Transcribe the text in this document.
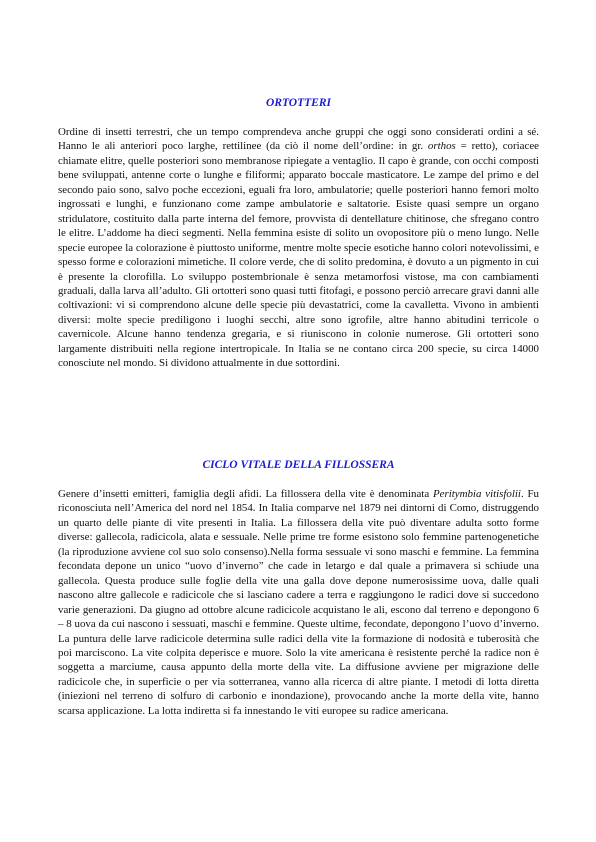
ORTOTTERI

Ordine di insetti terrestri, che un tempo comprendeva anche gruppi che oggi sono considerati ordini a sé. Hanno le ali anteriori poco larghe, rettilinee (da ciò il nome dell’ordine: in gr. orthos = retto), coriacee chiamate elitre, quelle posteriori sono membranose ripiegate a ventaglio. Il capo è grande, con occhi composti bene sviluppati, antenne corte o lunghe e filiformi; apparato boccale masticatore. Le zampe del primo e del secondo paio sono, salvo poche eccezioni, eguali fra loro, ambulatorie; quelle posteriori hanno femori molto ingrossati e lunghi, e funzionano come zampe ambulatorie e saltatorie. Esiste quasi sempre un organo stridulatore, costituito dalla parte interna del femore, provvista di dentellature chitinose, che sfregano contro le elitre. L’addome ha dieci segmenti. Nella femmina esiste di solito un ovopositore più o meno lungo. Nelle specie europee la colorazione è piuttosto uniforme, mentre molte specie esotiche hanno colori notevolissimi, e spesso forme e colorazioni mimetiche. Il colore verde, che di solito predomina, è dovuto a un pigmento in cui è presente la clorofilla. Lo sviluppo postembrionale è senza metamorfosi vistose, ma con cambiamenti graduali, dalla larva all’adulto. Gli ortotteri sono quasi tutti fitofagi, e possono perciò arrecare gravi danni alle coltivazioni: vi si comprendono alcune delle specie più devastatrici, come la cavalletta. Vivono in ambienti diversi: molte specie prediligono i luoghi secchi, altre sono igrofile, altre hanno abitudini terricole o cavernicole. Alcune hanno tendenza gregaria, e si riuniscono in colonie numerose. Gli ortotteri sono largamente distribuiti nella regione intertropicale. In Italia se ne contano circa 200 specie, su circa 14000 conosciute nel mondo. Si dividono attualmente in due sottordini.

CICLO VITALE DELLA FILLOSSERA

Genere d’insetti emitteri, famiglia degli afidi. La fillossera della vite è denominata Peritymbia vitisfolii. Fu riconosciuta nell’America del nord nel 1854. In Italia comparve nel 1879 nei dintorni di Como, distruggendo un quarto delle piante di vite presenti in Italia. La fillossera della vite può diventare adulta sotto forme diverse: gallecola, radicicola, alata e sessuale. Nelle prime tre forme esistono solo femmine partenogenetiche (la riproduzione avviene col suo solo consenso).Nella forma sessuale vi sono maschi e femmine. La femmina fecondata depone un unico “uovo d’inverno” che cade in letargo e dal quale a primavera si schiude una gallecola. Questa produce sulle foglie della vite una galla dove depone numerosissime uova, dalle quali nascono altre gallecole e radicicole che si lasciano cadere a terra e raggiungono le radici dove si succedono varie generazioni. Da giugno ad ottobre alcune radicicole acquistano le ali, escono dal terreno e depongono 6 – 8 uova da cui nascono i sessuati, maschi e femmine. Queste ultime, fecondate, depongono l’uovo d’inverno. La puntura delle larve radicicole determina sulle radici della vite la formazione di nodosità e tuberosità che poi marciscono. La vite colpita deperisce e muore. Solo la vite americana è resistente perché la radice non è soggetta a marciume, causa appunto della morte della vite. La diffusione avviene per migrazione delle radicicole che, in superficie o per via sotterranea, vanno alla ricerca di altre piante. I metodi di lotta diretta (iniezioni nel terreno di solfuro di carbonio e inondazione), provocando anche la morte della vite, hanno scarsa applicazione. La lotta indiretta si fa innestando le viti europee su radice americana.
